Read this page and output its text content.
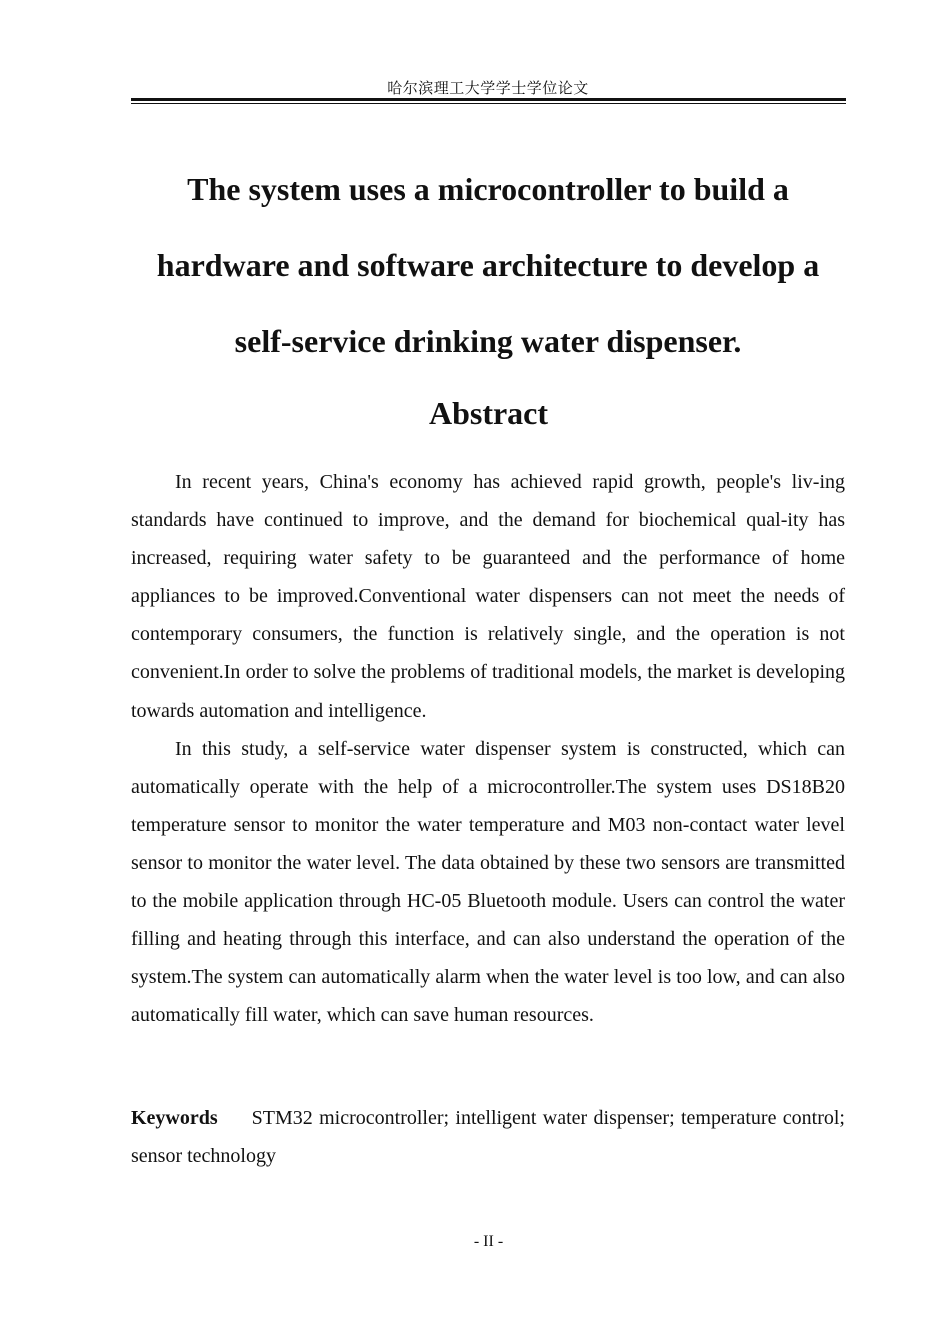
哈尔滨理工大学学士学位论文
The system uses a microcontroller to build a
hardware and software architecture to develop a
self-service drinking water dispenser.
Abstract

In recent years, China's economy has achieved rapid growth, people's liv-ing standards have continued to improve, and the demand for biochemical qual-ity has increased, requiring water safety to be guaranteed and the performance of home appliances to be improved.Conventional water dispensers can not meet the needs of contemporary consumers, the function is relatively single, and the operation is not convenient.In order to solve the problems of traditional models, the market is developing towards automation and intelligence.

In this study, a self-service water dispenser system is constructed, which can automatically operate with the help of a microcontroller.The system uses DS18B20 temperature sensor to monitor the water temperature and M03 non-contact water level sensor to monitor the water level. The data obtained by these two sensors are transmitted to the mobile application through HC-05 Bluetooth module. Users can control the water filling and heating through this interface, and can also understand the operation of the system.The system can automatically alarm when the water level is too low, and can also automatically fill water, which can save human resources.

Keywords STM32 microcontroller; intelligent water dispenser; temperature control; sensor technology

- II -
